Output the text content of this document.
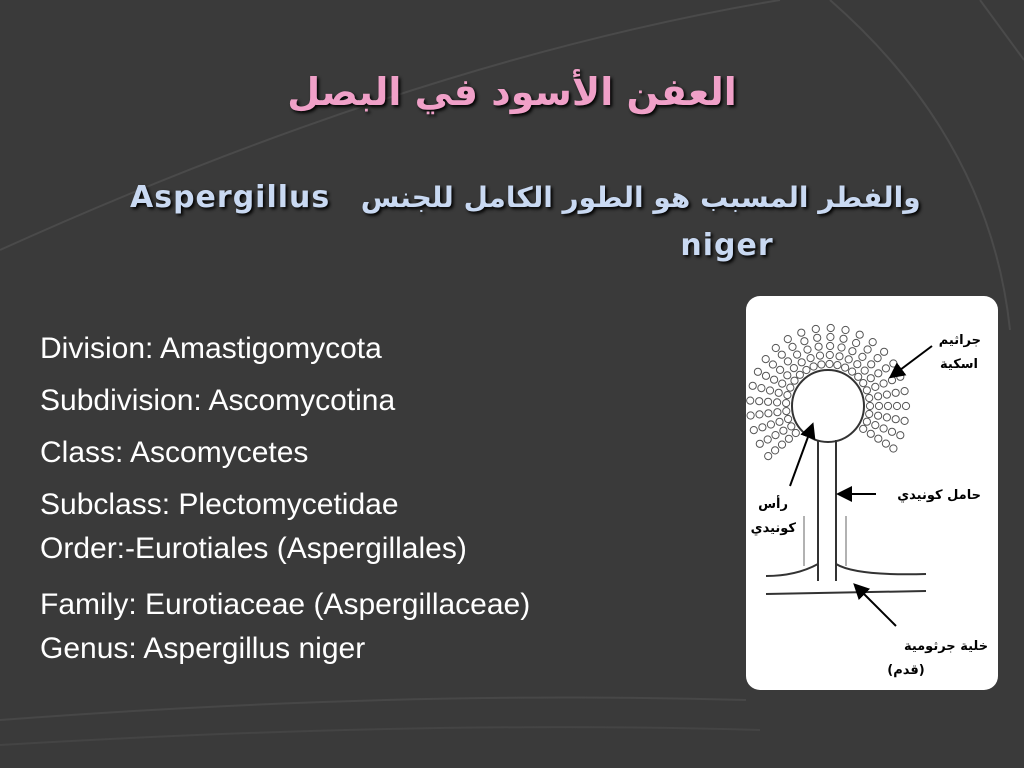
العفن الأسود في البصل
Aspergillus والفطر المسبب هو الطور الكامل للجنس
niger
Division: Amastigomycota
Subdivision: Ascomycotina
Class: Ascomycetes
Subclass: Plectomycetidae
Order:-Eurotiales (Aspergillales)
Family: Eurotiaceae (Aspergillaceae)
Genus: Aspergillus niger
جراثيم
اسكية
رأس
كونيدي
حامل كونيدي
خلية جرثومية
(قدم)
